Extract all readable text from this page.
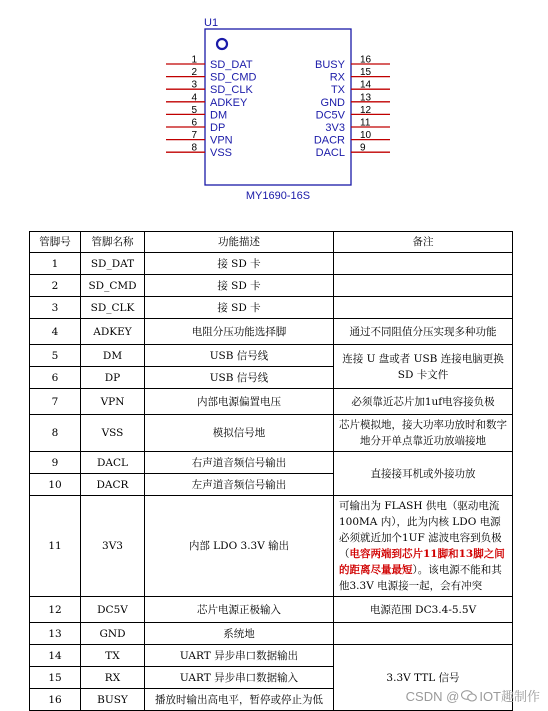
U1
1 SD_DAT
2 SD_CMD
3 SD_CLK
4 ADKEY
5 DM
6 DP
7 VPN
8 VSS
16
BUSY
15
RX
14
TX
13
GND
12
DC5V
11
3V3
10
DACR
9
DACL
MY1690-16S
管脚号	管脚名称	功能描述	备注
1	SD_DAT	接 SD 卡	
2	SD_CMD	接 SD 卡	
3	SD_CLK	接 SD 卡	
4	ADKEY	电阻分压功能选择脚	通过不同阻值分压实现多种功能
5	DM	USB 信号线	连接 U 盘或者 USB 连接电脑更换 SD 卡文件
6	DP	USB 信号线	
7	VPN	内部电源偏置电压	必须靠近芯片加1uf电容接负极
8	VSS	模拟信号地	芯片模拟地，接大功率功放时和数字地分开单点靠近功放端接地
9	DACL	右声道音频信号输出	直接接耳机或外接功放
10	DACR	左声道音频信号输出	
11	3V3	内部 LDO 3.3V 输出	可输出为 FLASH 供电（驱动电流 100MA 内），此为内核 LDO 电源必须就近加个1UF 滤波电容到负极（电容两端到芯片11脚和13脚之间的距离尽量最短）。该电源不能和其他3.3V 电源接一起，会有冲突
12	DC5V	芯片电源正极输入	电源范围 DC3.4-5.5V
13	GND	系统地	
14	TX	UART 异步串口数据输出	3.3V TTL 信号
15	RX	UART 异步串口数据输入	
16	BUSY	播放时输出高电平，暂停或停止为低		CSDN @ IOT趣制作
